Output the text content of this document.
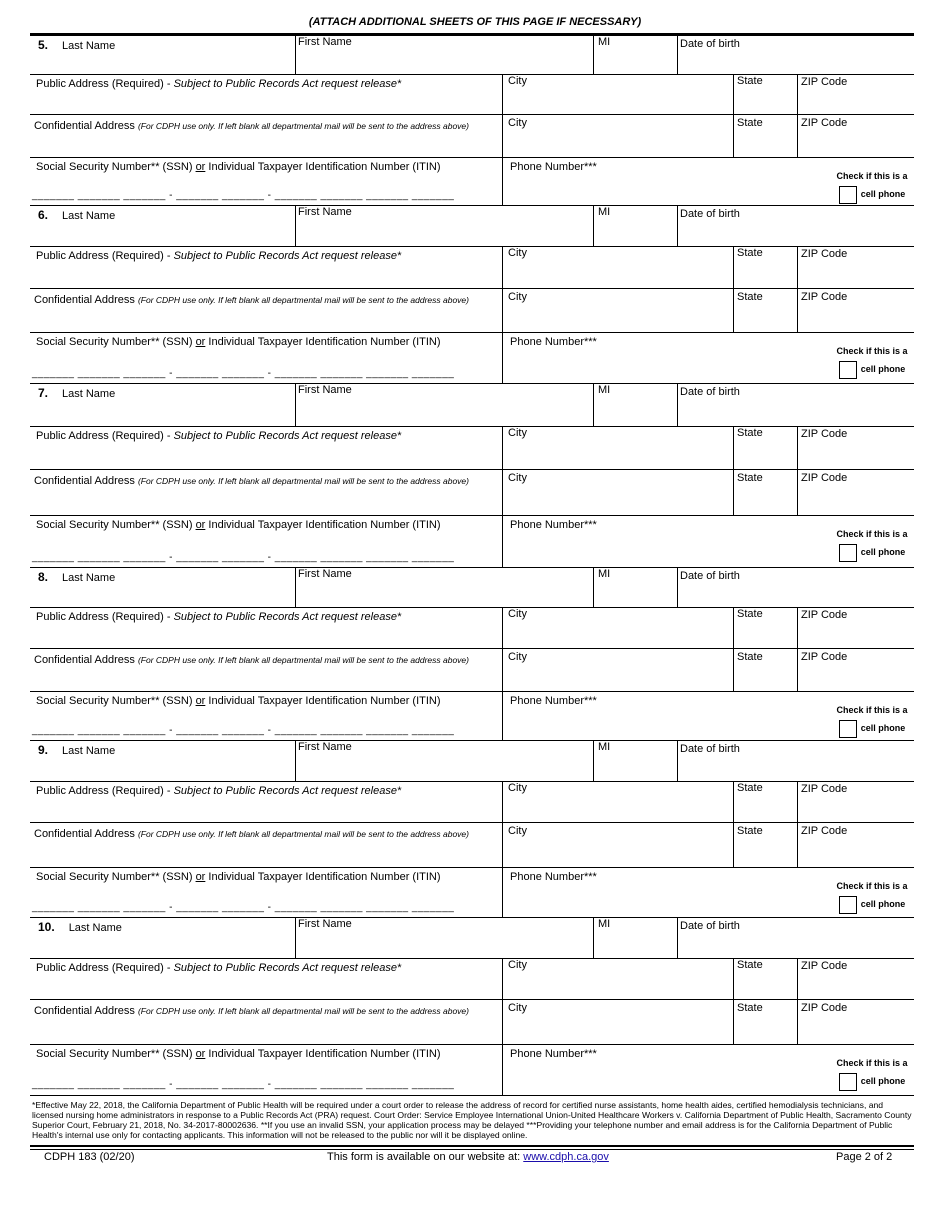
(ATTACH ADDITIONAL SHEETS OF THIS PAGE IF NECESSARY)
5. Last Name	First Name	MI	Date of birth
Public Address (Required) - Subject to Public Records Act request release*	City	State	ZIP Code
Confidential Address (For CDPH use only. If left blank all departmental mail will be sent to the address above)	City	State	ZIP Code
Social Security Number** (SSN) or Individual Taxpayer Identification Number (ITIN)
_______ _______ _______ - _______ _______ - _______ _______ _______ _______
Phone Number***
Check if this is a
cell phone
6. Last Name	First Name	MI	Date of birth
Public Address (Required) - Subject to Public Records Act request release*	City	State	ZIP Code
Confidential Address (For CDPH use only. If left blank all departmental mail will be sent to the address above)	City	State	ZIP Code
Social Security Number** (SSN) or Individual Taxpayer Identification Number (ITIN)
_______ _______ _______ - _______ _______ - _______ _______ _______ _______
Phone Number***
Check if this is a
cell phone
7. Last Name	First Name	MI	Date of birth
Public Address (Required) - Subject to Public Records Act request release*	City	State	ZIP Code
Confidential Address (For CDPH use only. If left blank all departmental mail will be sent to the address above)	City	State	ZIP Code
Social Security Number** (SSN) or Individual Taxpayer Identification Number (ITIN)
_______ _______ _______ - _______ _______ - _______ _______ _______ _______
Phone Number***
Check if this is a
cell phone
8. Last Name	First Name	MI	Date of birth
Public Address (Required) - Subject to Public Records Act request release*	City	State	ZIP Code
Confidential Address (For CDPH use only. If left blank all departmental mail will be sent to the address above)	City	State	ZIP Code
Social Security Number** (SSN) or Individual Taxpayer Identification Number (ITIN)
_______ _______ _______ - _______ _______ - _______ _______ _______ _______
Phone Number***
Check if this is a
cell phone
9. Last Name	First Name	MI	Date of birth
Public Address (Required) - Subject to Public Records Act request release*	City	State	ZIP Code
Confidential Address (For CDPH use only. If left blank all departmental mail will be sent to the address above)	City	State	ZIP Code
Social Security Number** (SSN) or Individual Taxpayer Identification Number (ITIN)
_______ _______ _______ - _______ _______ - _______ _______ _______ _______
Phone Number***
Check if this is a
cell phone
10. Last Name	First Name	MI	Date of birth
Public Address (Required) - Subject to Public Records Act request release*	City	State	ZIP Code
Confidential Address (For CDPH use only. If left blank all departmental mail will be sent to the address above)	City	State	ZIP Code
Social Security Number** (SSN) or Individual Taxpayer Identification Number (ITIN)
_______ _______ _______ - _______ _______ - _______ _______ _______ _______
Phone Number***
Check if this is a
cell phone
*Effective May 22, 2018, the California Department of Public Health will be required under a court order to release the address of record for certified nurse assistants, home health aides, certified hemodialysis technicians, and licensed nursing home administrators in response to a Public Records Act (PRA) request. Court Order: Service Employee International Union-United Healthcare Workers v. California Department of Public Health, Sacramento County Superior Court, February 21, 2018, No. 34-2017-80002636. **If you use an invalid SSN, your application process may be delayed ***Providing your telephone number and email address is for the California Department of Public Health's internal use only for contacting applicants. This information will not be released to the public nor will it be displayed online.
CDPH 183 (02/20)	This form is available on our website at: www.cdph.ca.gov	Page 2 of 2
